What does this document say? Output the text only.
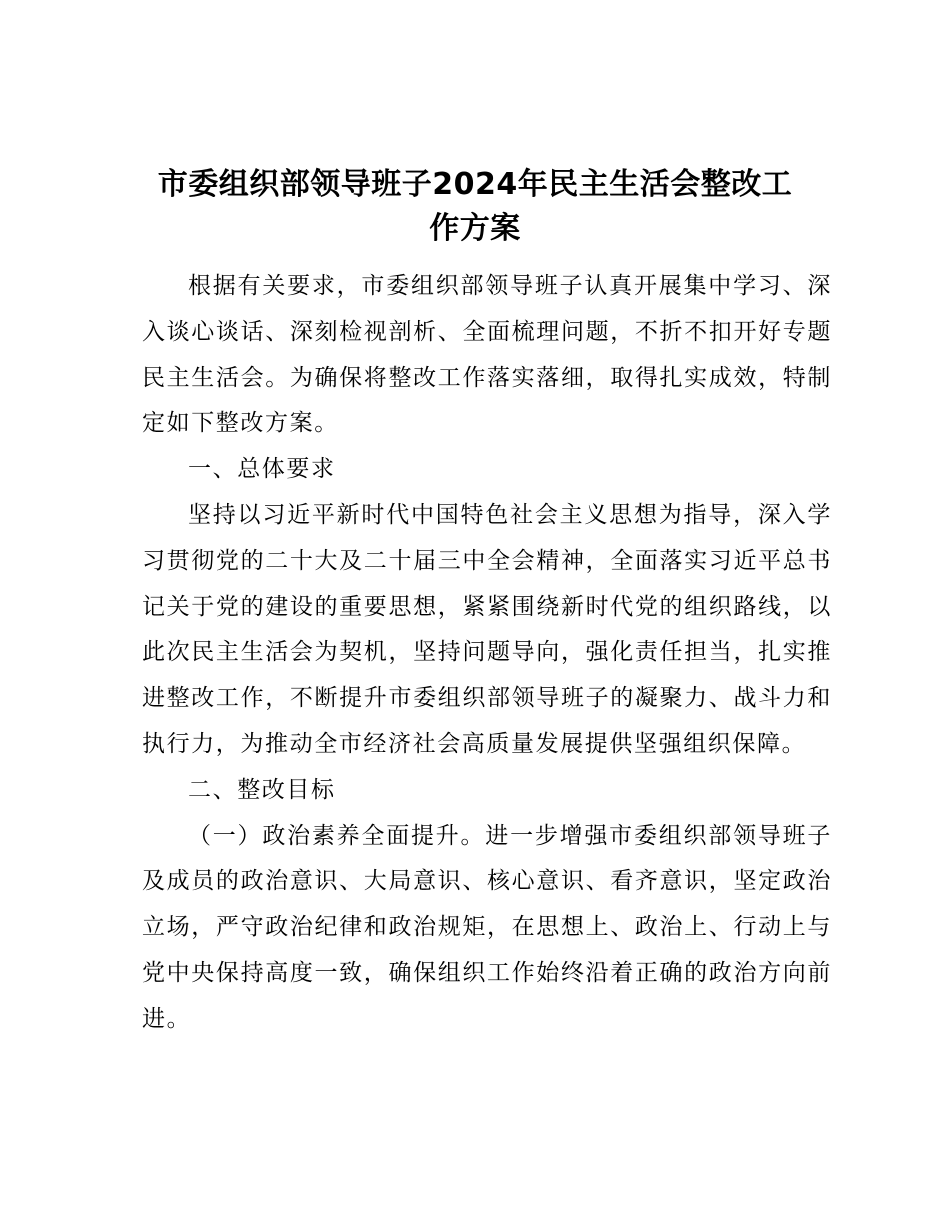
市委组织部领导班子2024年民主生活会整改工
作方案

根据有关要求，市委组织部领导班子认真开展集中学习、深入谈心谈话、深刻检视剖析、全面梳理问题，不折不扣开好专题民主生活会。为确保将整改工作落实落细，取得扎实成效，特制定如下整改方案。

一、总体要求

坚持以习近平新时代中国特色社会主义思想为指导，深入学习贯彻党的二十大及二十届三中全会精神，全面落实习近平总书记关于党的建设的重要思想，紧紧围绕新时代党的组织路线，以此次民主生活会为契机，坚持问题导向，强化责任担当，扎实推进整改工作，不断提升市委组织部领导班子的凝聚力、战斗力和执行力，为推动全市经济社会高质量发展提供坚强组织保障。

二、整改目标

（一）政治素养全面提升。进一步增强市委组织部领导班子及成员的政治意识、大局意识、核心意识、看齐意识，坚定政治立场，严守政治纪律和政治规矩，在思想上、政治上、行动上与党中央保持高度一致，确保组织工作始终沿着正确的政治方向前进。
